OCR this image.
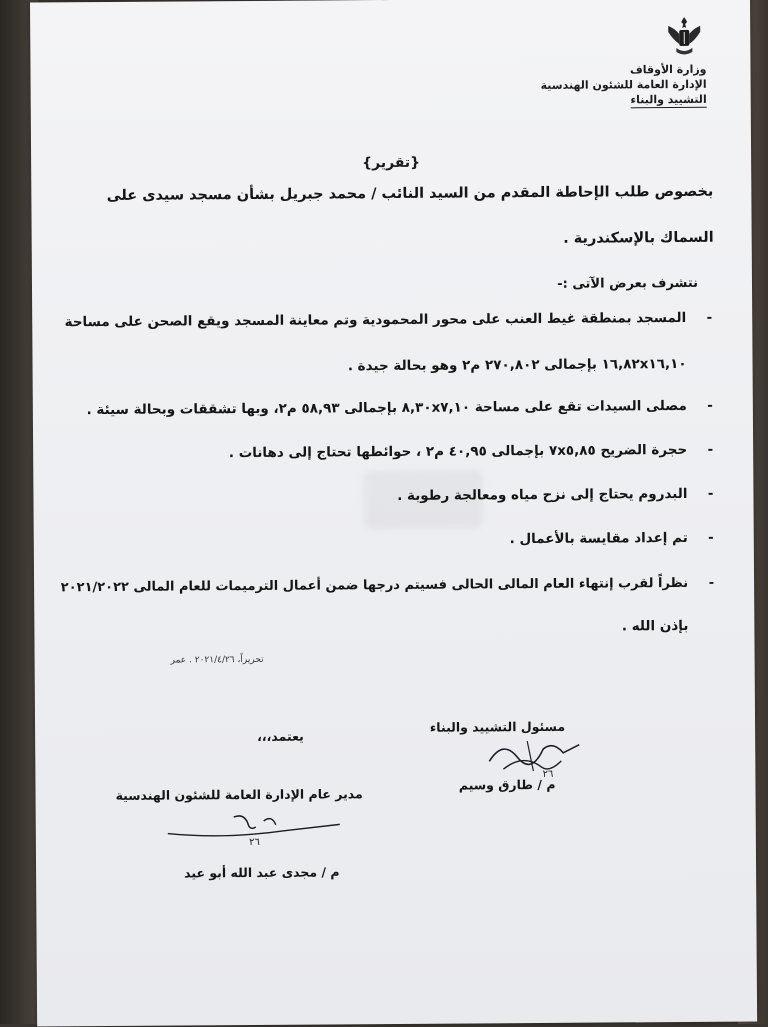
وزارة الأوقاف
الإدارة العامة للشئون الهندسية
التشييد والبناء
{تقرير}
بخصوص طلب الإحاطة المقدم من السيد النائب / محمد جبريل بشأن مسجد سيدى على
السماك بالإسكندرية .
نتشرف بعرض الآتى :-
-المسجد بمنطقة غيط العنب على محور المحمودية وتم معاينة المسجد ويقع الصحن على مساحة
١٦,٨٢x١٦,١٠ بإجمالى ٢٧٠,٨٠٢ م٢ وهو بحالة جيدة .
-مصلى السيدات تقع على مساحة ٨,٣٠x٧,١٠ بإجمالى ٥٨,٩٣ م٢، وبها تشققات وبحالة سيئة .
-حجرة الضريح ٧x٥,٨٥ بإجمالى ٤٠,٩٥ م٢ ، حوائطها تحتاج إلى دهانات .
-البدروم يحتاج إلى نزح مياه ومعالجة رطوبة .
-تم إعداد مقايسة بالأعمال .
-نظراً لقرب إنتهاء العام المالى الحالى فسيتم درجها ضمن أعمال الترميمات للعام المالى ٢٠٢١/٢٠٢٢
بإذن الله .
تحريراً، ٢٠٢١/٤/٢٦ . عمر
مسئول التشييد والبناء
٢٦
م / طارق وسيم
يعتمد،،،
مدير عام الإدارة العامة للشئون الهندسية
٢٦
م / مجدى عبد الله أبو عيد
